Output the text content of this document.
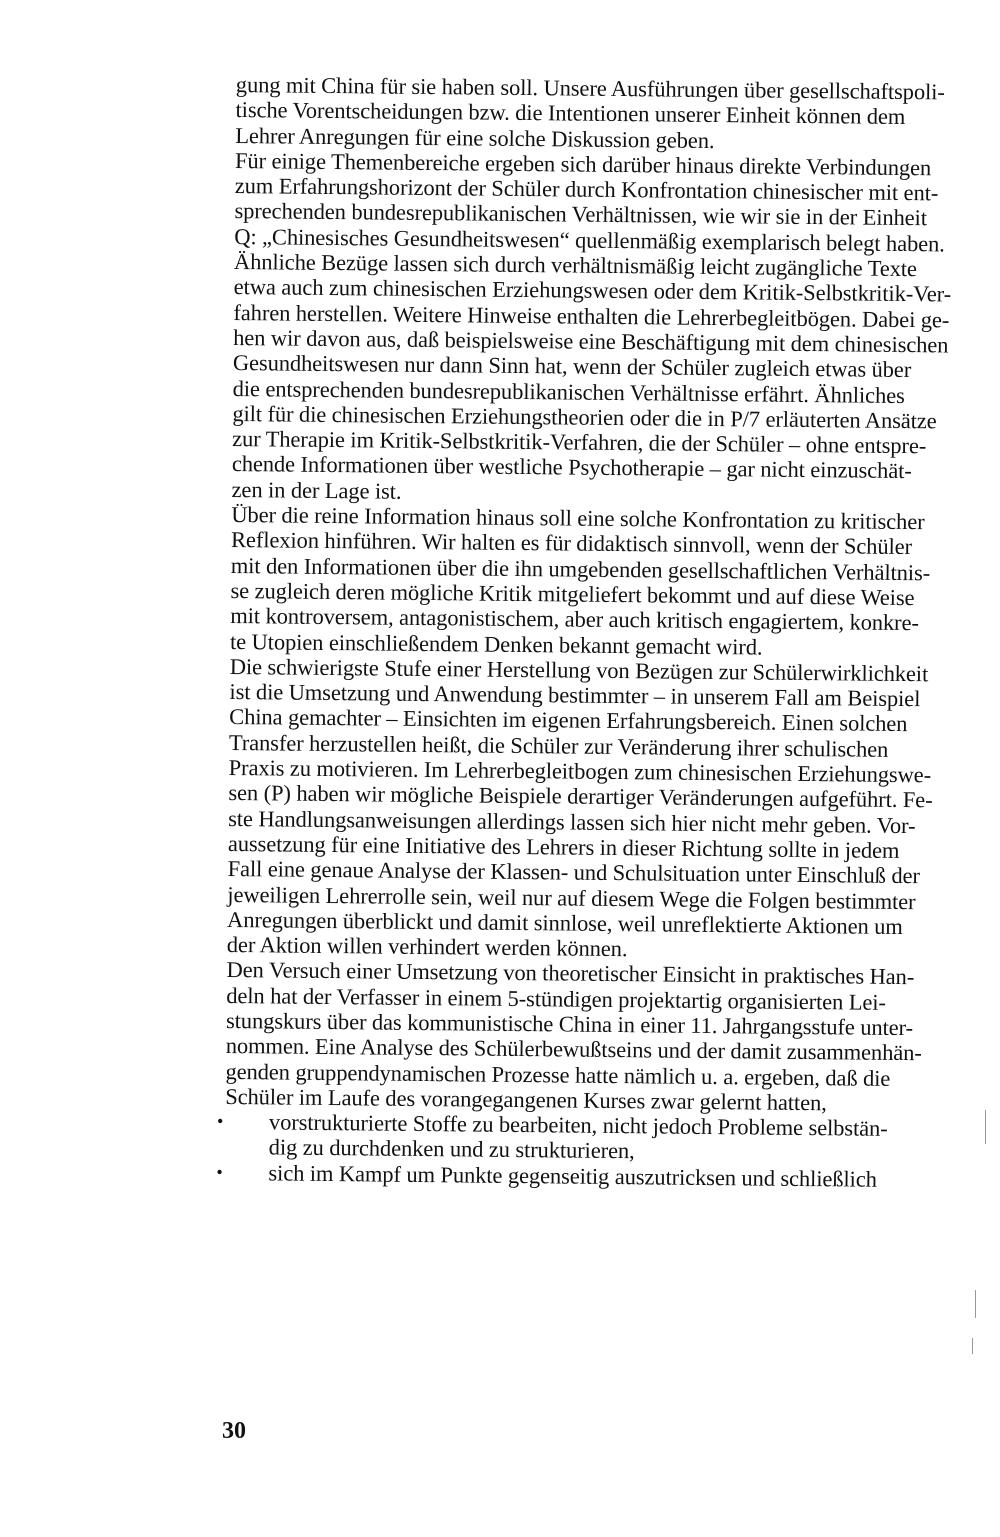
gung mit China für sie haben soll. Unsere Ausführungen über gesellschaftspoli-
tische Vorentscheidungen bzw. die Intentionen unserer Einheit können dem
Lehrer Anregungen für eine solche Diskussion geben.
Für einige Themenbereiche ergeben sich darüber hinaus direkte Verbindungen
zum Erfahrungshorizont der Schüler durch Konfrontation chinesischer mit ent-
sprechenden bundesrepublikanischen Verhältnissen, wie wir sie in der Einheit
Q: „Chinesisches Gesundheitswesen“ quellenmäßig exemplarisch belegt haben.
Ähnliche Bezüge lassen sich durch verhältnismäßig leicht zugängliche Texte
etwa auch zum chinesischen Erziehungswesen oder dem Kritik-Selbstkritik-Ver-
fahren herstellen. Weitere Hinweise enthalten die Lehrerbegleitbögen. Dabei ge-
hen wir davon aus, daß beispielsweise eine Beschäftigung mit dem chinesischen
Gesundheitswesen nur dann Sinn hat, wenn der Schüler zugleich etwas über
die entsprechenden bundesrepublikanischen Verhältnisse erfährt. Ähnliches
gilt für die chinesischen Erziehungstheorien oder die in P/7 erläuterten Ansätze
zur Therapie im Kritik-Selbstkritik-Verfahren, die der Schüler – ohne entspre-
chende Informationen über westliche Psychotherapie – gar nicht einzuschät-
zen in der Lage ist.
Über die reine Information hinaus soll eine solche Konfrontation zu kritischer
Reflexion hinführen. Wir halten es für didaktisch sinnvoll, wenn der Schüler
mit den Informationen über die ihn umgebenden gesellschaftlichen Verhältnis-
se zugleich deren mögliche Kritik mitgeliefert bekommt und auf diese Weise
mit kontroversem, antagonistischem, aber auch kritisch engagiertem, konkre-
te Utopien einschließendem Denken bekannt gemacht wird.
Die schwierigste Stufe einer Herstellung von Bezügen zur Schülerwirklichkeit
ist die Umsetzung und Anwendung bestimmter – in unserem Fall am Beispiel
China gemachter – Einsichten im eigenen Erfahrungsbereich. Einen solchen
Transfer herzustellen heißt, die Schüler zur Veränderung ihrer schulischen
Praxis zu motivieren. Im Lehrerbegleitbogen zum chinesischen Erziehungswe-
sen (P) haben wir mögliche Beispiele derartiger Veränderungen aufgeführt. Fe-
ste Handlungsanweisungen allerdings lassen sich hier nicht mehr geben. Vor-
aussetzung für eine Initiative des Lehrers in dieser Richtung sollte in jedem
Fall eine genaue Analyse der Klassen- und Schulsituation unter Einschluß der
jeweiligen Lehrerrolle sein, weil nur auf diesem Wege die Folgen bestimmter
Anregungen überblickt und damit sinnlose, weil unreflektierte Aktionen um
der Aktion willen verhindert werden können.
Den Versuch einer Umsetzung von theoretischer Einsicht in praktisches Han-
deln hat der Verfasser in einem 5-stündigen projektartig organisierten Lei-
stungskurs über das kommunistische China in einer 11. Jahrgangsstufe unter-
nommen. Eine Analyse des Schülerbewußtseins und der damit zusammenhän-
genden gruppendynamischen Prozesse hatte nämlich u. a. ergeben, daß die
Schüler im Laufe des vorangegangenen Kurses zwar gelernt hatten,
• vorstrukturierte Stoffe zu bearbeiten, nicht jedoch Probleme selbstän-
dig zu durchdenken und zu strukturieren,
• sich im Kampf um Punkte gegenseitig auszutricksen und schließlich
30
